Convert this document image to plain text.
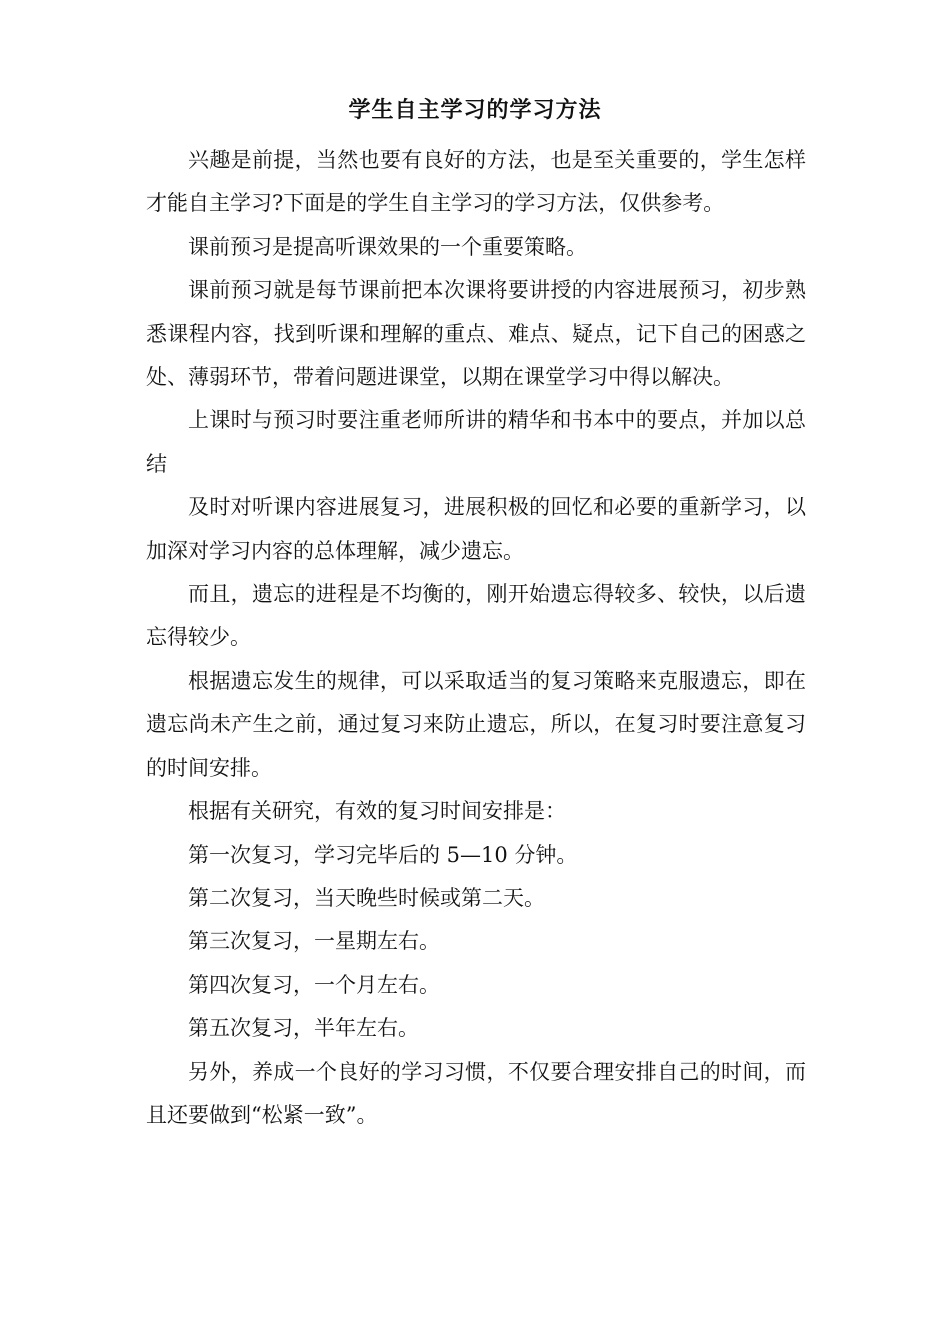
学生自主学习的学习方法

兴趣是前提，当然也要有良好的方法，也是至关重要的，学生怎样才能自主学习?下面是的学生自主学习的学习方法，仅供参考。

课前预习是提高听课效果的一个重要策略。

课前预习就是每节课前把本次课将要讲授的内容进展预习，初步熟悉课程内容，找到听课和理解的重点、难点、疑点，记下自己的困惑之处、薄弱环节，带着问题进课堂，以期在课堂学习中得以解决。

上课时与预习时要注重老师所讲的精华和书本中的要点，并加以总结

及时对听课内容进展复习，进展积极的回忆和必要的重新学习，以加深对学习内容的总体理解，减少遗忘。

而且，遗忘的进程是不均衡的，刚开始遗忘得较多、较快，以后遗忘得较少。

根据遗忘发生的规律，可以采取适当的复习策略来克服遗忘，即在遗忘尚未产生之前，通过复习来防止遗忘，所以，在复习时要注意复习的时间安排。

根据有关研究，有效的复习时间安排是：

第一次复习，学习完毕后的 5—10 分钟。

第二次复习，当天晚些时候或第二天。

第三次复习，一星期左右。

第四次复习，一个月左右。

第五次复习，半年左右。

另外，养成一个良好的学习习惯，不仅要合理安排自己的时间，而且还要做到“松紧一致”。
